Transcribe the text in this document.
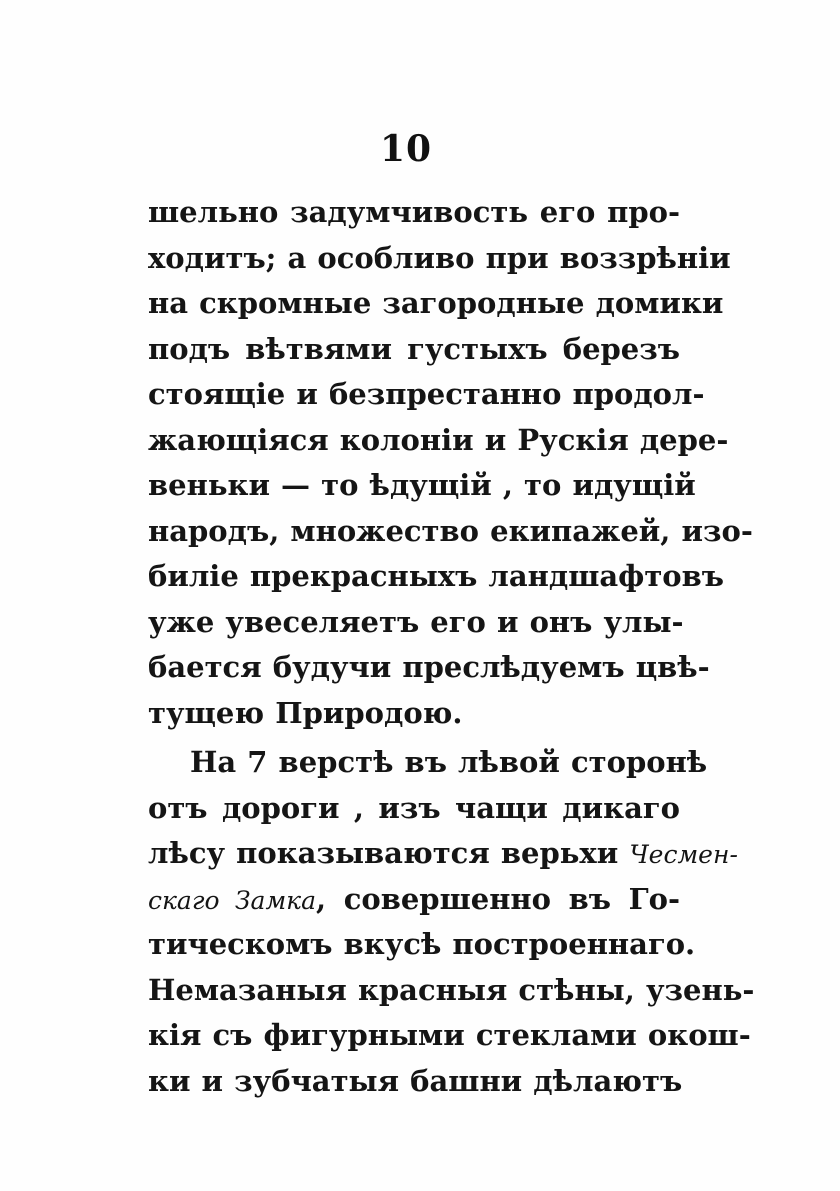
10
шельно задумчивость его про-
ходитъ; а особливо при воззрѣніи
на скромные загородные домики
подъ вѣтвями густыхъ березъ
стоящіе и безпрестанно продол-
жающіяся колоніи и Рускія дере-
веньки — то ѣдущій , то идущій
народъ, множество екипажей, изо-
биліе прекрасныхъ ландшафтовъ
уже увеселяетъ его и онъ улы-
бается будучи преслѣдуемъ цвѣ-
тущею Природою.
На 7 верстѣ въ лѣвой сторонѣ
отъ дороги , изъ чащи дикаго
лѣсу показываются верьхи Чесмен-
скаго Замка, совершенно въ Го-
тическомъ вкусѣ построеннаго.
Немазаныя красныя стѣны, узень-
кія съ фигурными стеклами окош-
ки и зубчатыя башни дѣлаютъ
